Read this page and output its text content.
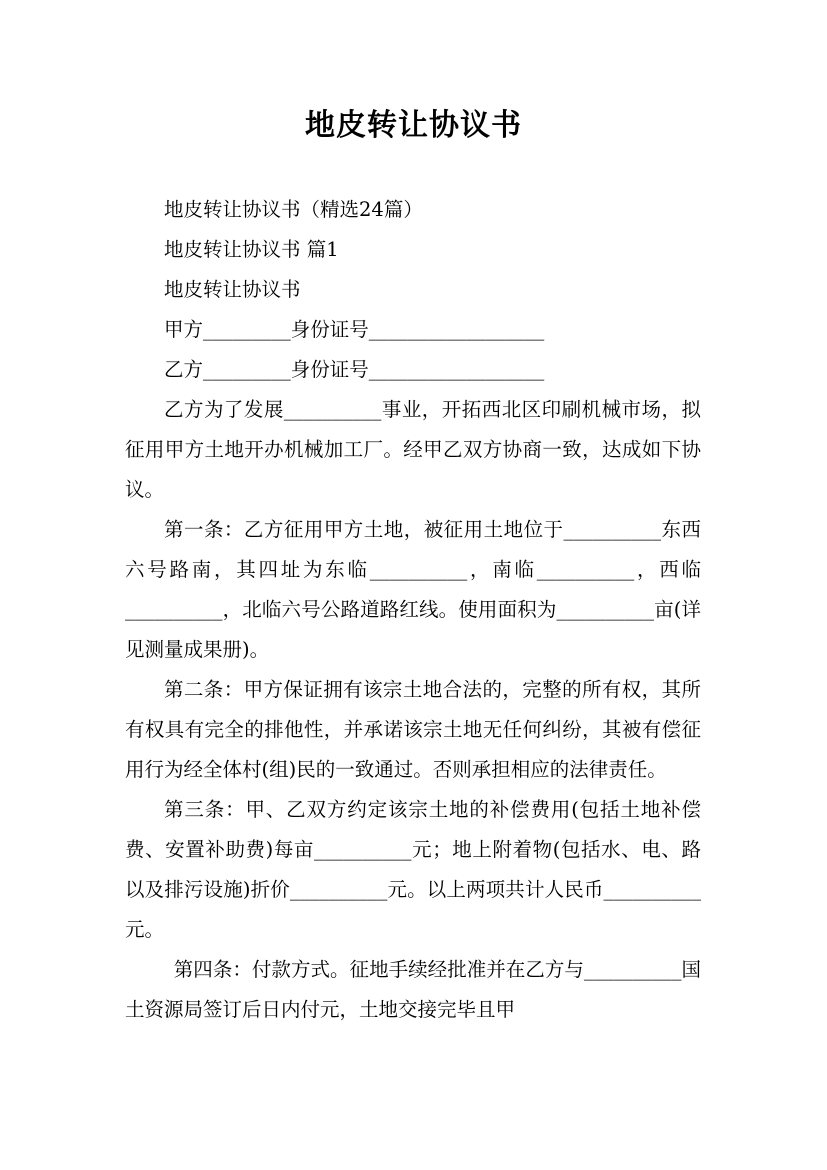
地皮转让协议书

地皮转让协议书（精选24篇）

地皮转让协议书 篇1

地皮转让协议书

甲方_________身份证号__________________

乙方_________身份证号__________________

乙方为了发展__________事业，开拓西北区印刷机械市场，拟征用甲方土地开办机械加工厂。经甲乙双方协商一致，达成如下协议。

第一条：乙方征用甲方土地，被征用土地位于__________东西六号路南，其四址为东临__________，南临__________，西临__________，北临六号公路道路红线。使用面积为__________亩(详见测量成果册)。

第二条：甲方保证拥有该宗土地合法的，完整的所有权，其所有权具有完全的排他性，并承诺该宗土地无任何纠纷，其被有偿征用行为经全体村(组)民的一致通过。否则承担相应的法律责任。

第三条：甲、乙双方约定该宗土地的补偿费用(包括土地补偿费、安置补助费)每亩__________元；地上附着物(包括水、电、路以及排污设施)折价__________元。以上两项共计人民币__________元。

第四条：付款方式。征地手续经批准并在乙方与__________国土资源局签订后日内付元，土地交接完毕且甲
